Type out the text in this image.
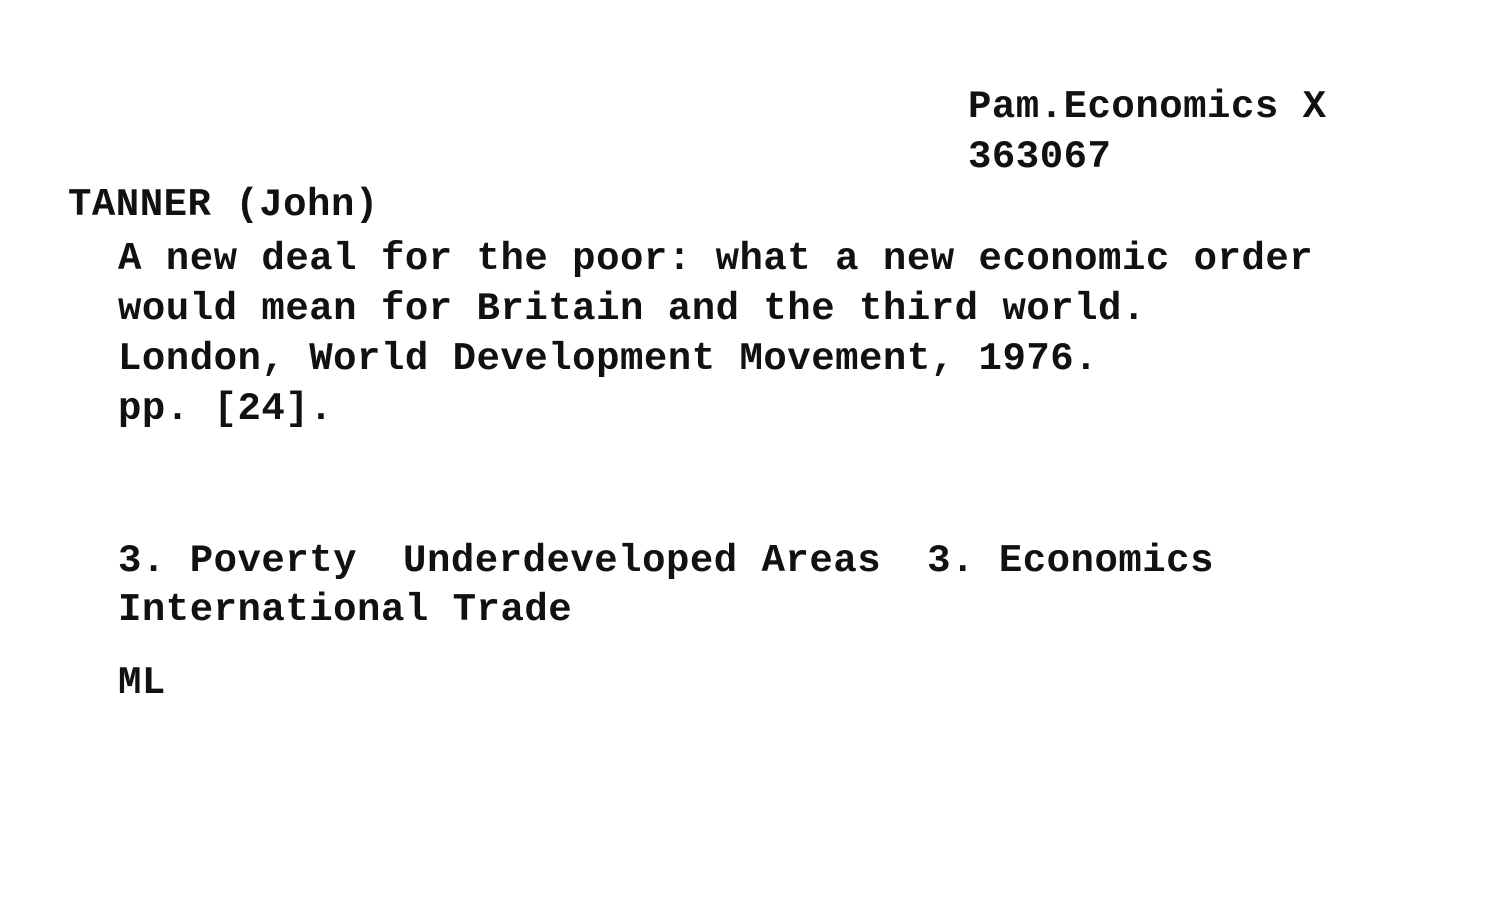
Pam.Economics X
363067
TANNER (John)
A new deal for the poor: what a new economic order
would mean for Britain and the third world.
London, World Development Movement, 1976.
pp. [24].
3. Poverty Underdeveloped Areas 3. Economics
International Trade
ML
